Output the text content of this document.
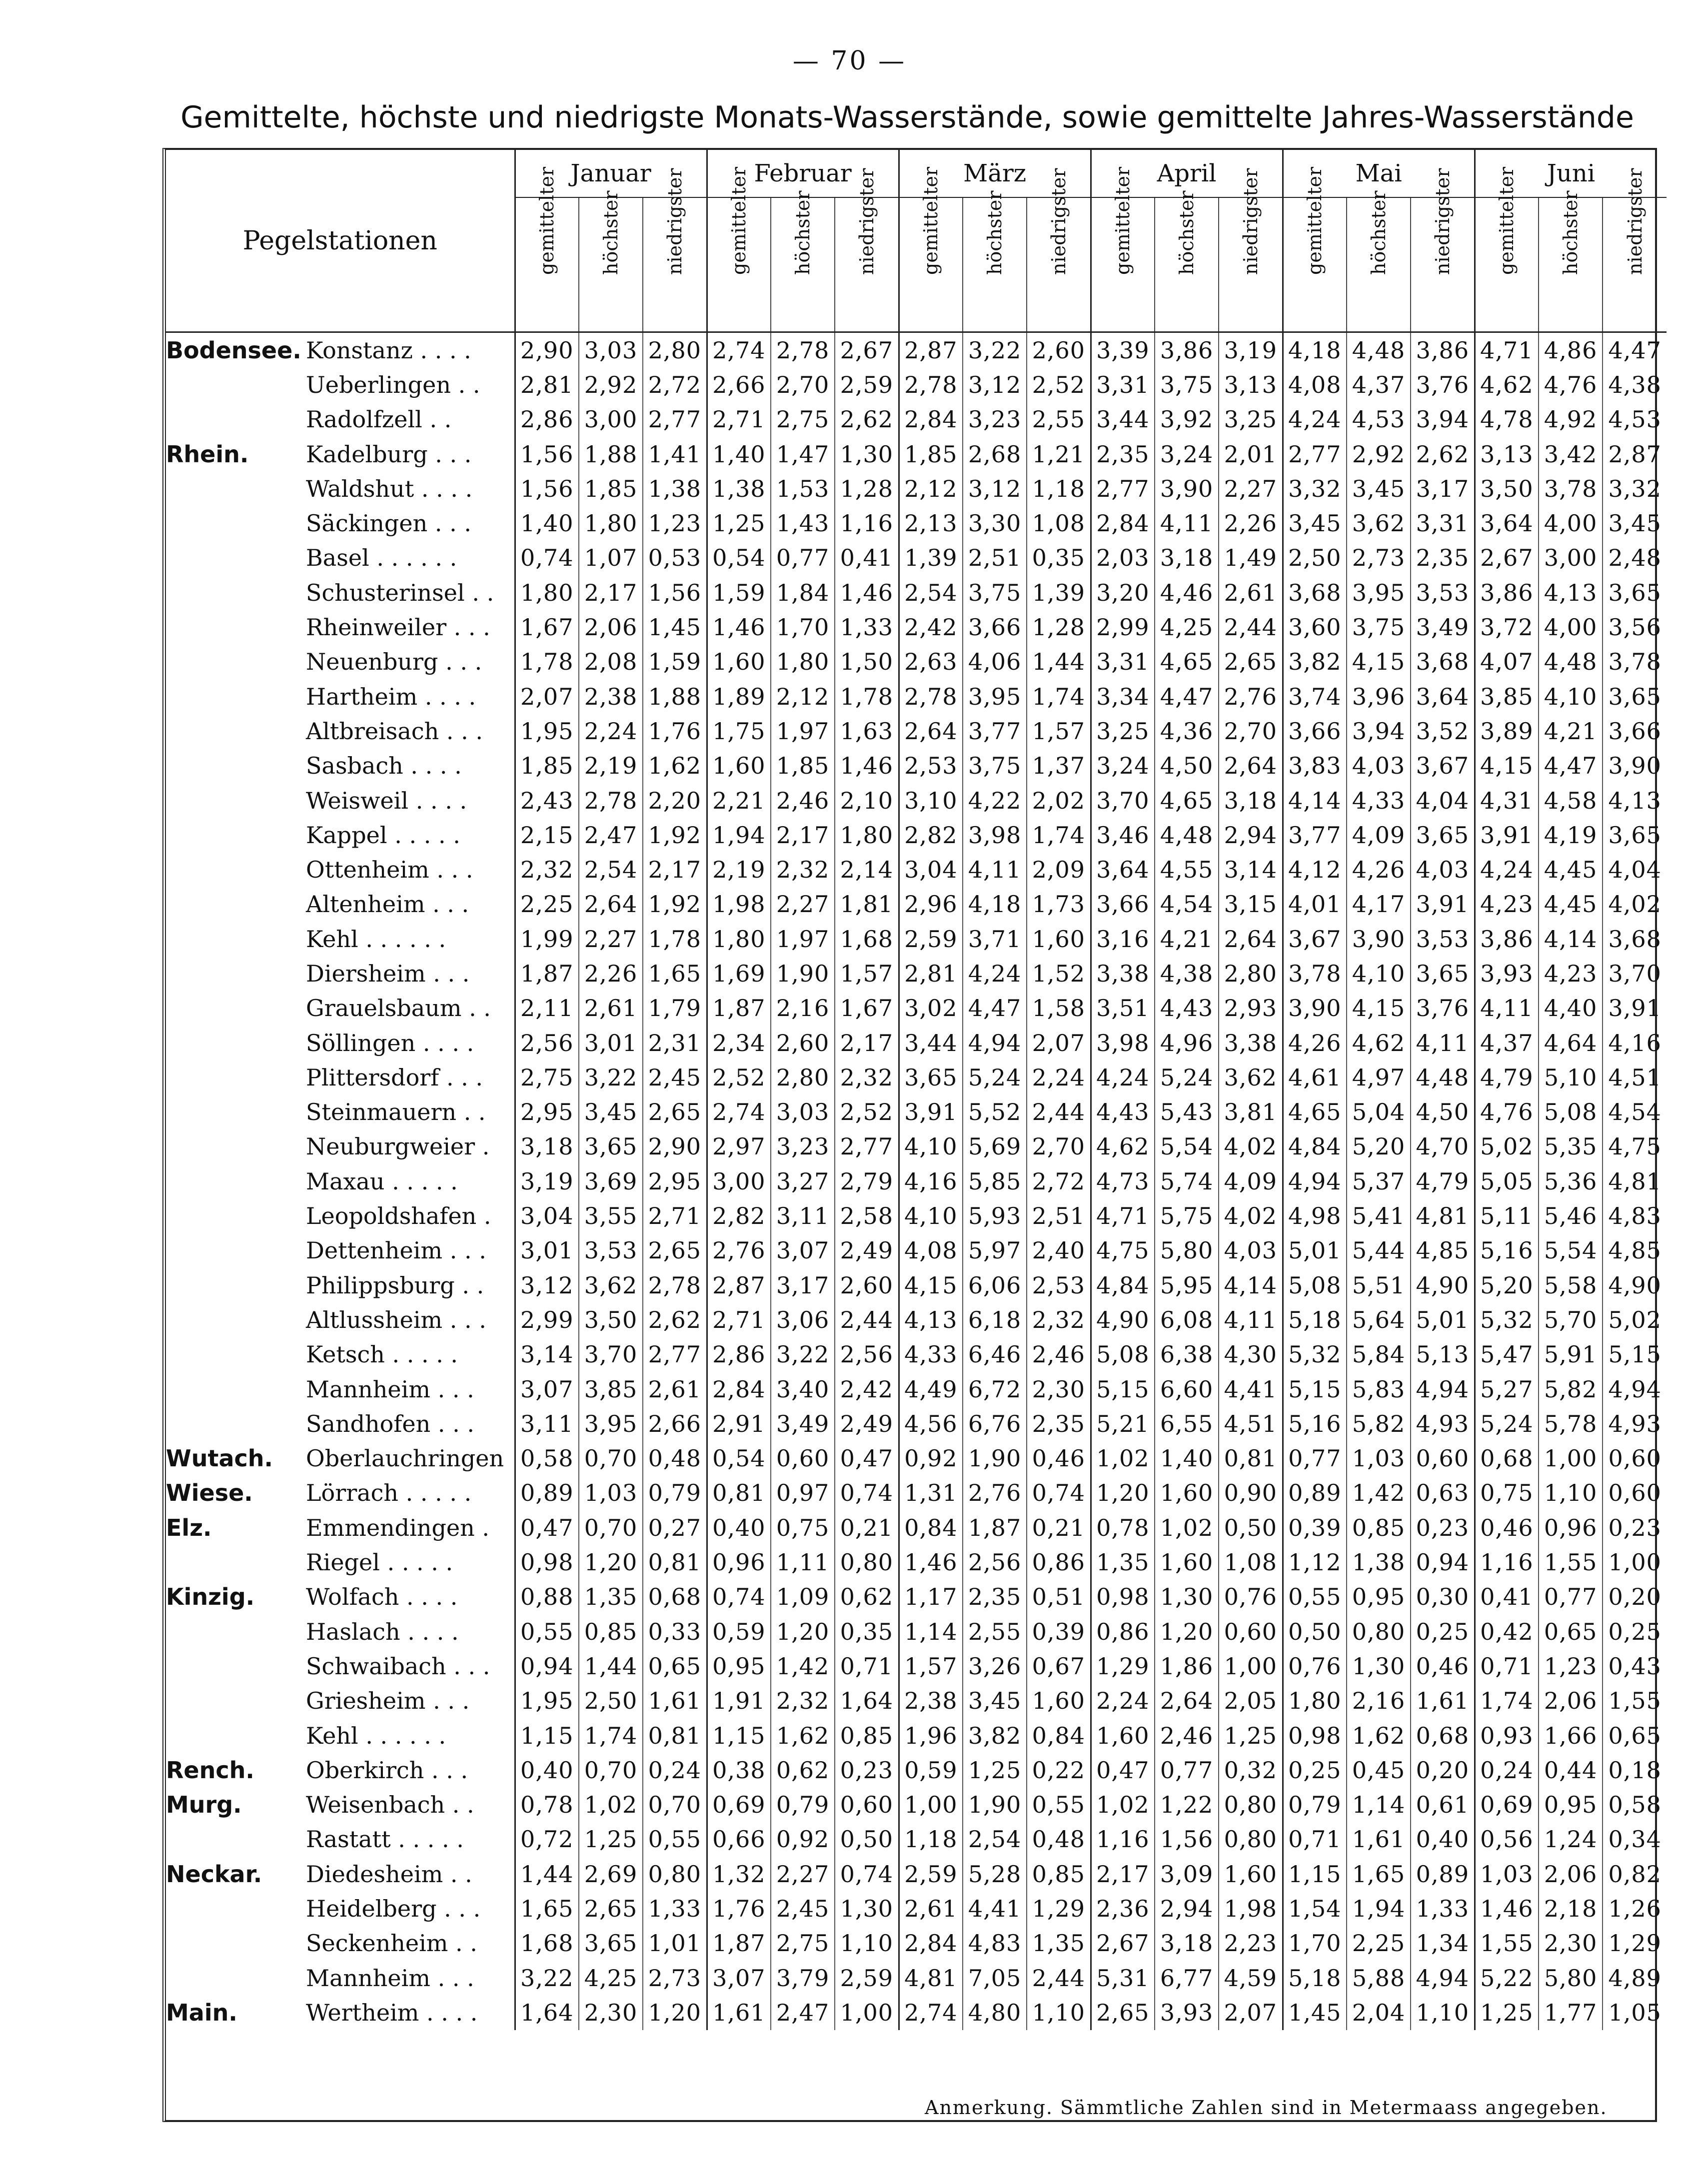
— 70 —
Gemittelte, höchste und niedrigste Monats-Wasserstände, sowie gemittelte Jahres-Wasserstände
Pegelstationen		Januar			Februar			März			April			Mai			Juni		

		gemittelter	höchster	niedrigster	gemittelter	höchster	niedrigster	gemittelter	höchster	niedrigster	gemittelter	höchster	niedrigster	gemittelter	höchster	niedrigster	gemittelter	höchster	niedrigster

Bodensee.	Konstanz . . . .	2,90	3,03	2,80	2,74	2,78	2,67	2,87	3,22	2,60	3,39	3,86	3,19	4,18	4,48	3,86	4,71	4,86	4,47
	Ueberlingen . .	2,81	2,92	2,72	2,66	2,70	2,59	2,78	3,12	2,52	3,31	3,75	3,13	4,08	4,37	3,76	4,62	4,76	4,38
	Radolfzell . .	2,86	3,00	2,77	2,71	2,75	2,62	2,84	3,23	2,55	3,44	3,92	3,25	4,24	4,53	3,94	4,78	4,92	4,53
Rhein.	Kadelburg . . .	1,56	1,88	1,41	1,40	1,47	1,30	1,85	2,68	1,21	2,35	3,24	2,01	2,77	2,92	2,62	3,13	3,42	2,87
	Waldshut . . . .	1,56	1,85	1,38	1,38	1,53	1,28	2,12	3,12	1,18	2,77	3,90	2,27	3,32	3,45	3,17	3,50	3,78	3,32
	Säckingen . . .	1,40	1,80	1,23	1,25	1,43	1,16	2,13	3,30	1,08	2,84	4,11	2,26	3,45	3,62	3,31	3,64	4,00	3,45
	Basel . . . . . .	0,74	1,07	0,53	0,54	0,77	0,41	1,39	2,51	0,35	2,03	3,18	1,49	2,50	2,73	2,35	2,67	3,00	2,48
	Schusterinsel . .	1,80	2,17	1,56	1,59	1,84	1,46	2,54	3,75	1,39	3,20	4,46	2,61	3,68	3,95	3,53	3,86	4,13	3,65
	Rheinweiler . . .	1,67	2,06	1,45	1,46	1,70	1,33	2,42	3,66	1,28	2,99	4,25	2,44	3,60	3,75	3,49	3,72	4,00	3,56
	Neuenburg . . .	1,78	2,08	1,59	1,60	1,80	1,50	2,63	4,06	1,44	3,31	4,65	2,65	3,82	4,15	3,68	4,07	4,48	3,78
	Hartheim . . . .	2,07	2,38	1,88	1,89	2,12	1,78	2,78	3,95	1,74	3,34	4,47	2,76	3,74	3,96	3,64	3,85	4,10	3,65
	Altbreisach . . .	1,95	2,24	1,76	1,75	1,97	1,63	2,64	3,77	1,57	3,25	4,36	2,70	3,66	3,94	3,52	3,89	4,21	3,66
	Sasbach . . . .	1,85	2,19	1,62	1,60	1,85	1,46	2,53	3,75	1,37	3,24	4,50	2,64	3,83	4,03	3,67	4,15	4,47	3,90
	Weisweil . . . .	2,43	2,78	2,20	2,21	2,46	2,10	3,10	4,22	2,02	3,70	4,65	3,18	4,14	4,33	4,04	4,31	4,58	4,13
	Kappel . . . . .	2,15	2,47	1,92	1,94	2,17	1,80	2,82	3,98	1,74	3,46	4,48	2,94	3,77	4,09	3,65	3,91	4,19	3,65
	Ottenheim . . .	2,32	2,54	2,17	2,19	2,32	2,14	3,04	4,11	2,09	3,64	4,55	3,14	4,12	4,26	4,03	4,24	4,45	4,04
	Altenheim . . .	2,25	2,64	1,92	1,98	2,27	1,81	2,96	4,18	1,73	3,66	4,54	3,15	4,01	4,17	3,91	4,23	4,45	4,02
	Kehl . . . . . .	1,99	2,27	1,78	1,80	1,97	1,68	2,59	3,71	1,60	3,16	4,21	2,64	3,67	3,90	3,53	3,86	4,14	3,68
	Diersheim . . .	1,87	2,26	1,65	1,69	1,90	1,57	2,81	4,24	1,52	3,38	4,38	2,80	3,78	4,10	3,65	3,93	4,23	3,70
	Grauelsbaum . .	2,11	2,61	1,79	1,87	2,16	1,67	3,02	4,47	1,58	3,51	4,43	2,93	3,90	4,15	3,76	4,11	4,40	3,91
	Söllingen . . . .	2,56	3,01	2,31	2,34	2,60	2,17	3,44	4,94	2,07	3,98	4,96	3,38	4,26	4,62	4,11	4,37	4,64	4,16
	Plittersdorf . . .	2,75	3,22	2,45	2,52	2,80	2,32	3,65	5,24	2,24	4,24	5,24	3,62	4,61	4,97	4,48	4,79	5,10	4,51
	Steinmauern . .	2,95	3,45	2,65	2,74	3,03	2,52	3,91	5,52	2,44	4,43	5,43	3,81	4,65	5,04	4,50	4,76	5,08	4,54
	Neuburgweier .	3,18	3,65	2,90	2,97	3,23	2,77	4,10	5,69	2,70	4,62	5,54	4,02	4,84	5,20	4,70	5,02	5,35	4,75
	Maxau . . . . .	3,19	3,69	2,95	3,00	3,27	2,79	4,16	5,85	2,72	4,73	5,74	4,09	4,94	5,37	4,79	5,05	5,36	4,81
	Leopoldshafen .	3,04	3,55	2,71	2,82	3,11	2,58	4,10	5,93	2,51	4,71	5,75	4,02	4,98	5,41	4,81	5,11	5,46	4,83
	Dettenheim . . .	3,01	3,53	2,65	2,76	3,07	2,49	4,08	5,97	2,40	4,75	5,80	4,03	5,01	5,44	4,85	5,16	5,54	4,85
	Philippsburg . .	3,12	3,62	2,78	2,87	3,17	2,60	4,15	6,06	2,53	4,84	5,95	4,14	5,08	5,51	4,90	5,20	5,58	4,90
	Altlussheim . . .	2,99	3,50	2,62	2,71	3,06	2,44	4,13	6,18	2,32	4,90	6,08	4,11	5,18	5,64	5,01	5,32	5,70	5,02
	Ketsch . . . . .	3,14	3,70	2,77	2,86	3,22	2,56	4,33	6,46	2,46	5,08	6,38	4,30	5,32	5,84	5,13	5,47	5,91	5,15
	Mannheim . . .	3,07	3,85	2,61	2,84	3,40	2,42	4,49	6,72	2,30	5,15	6,60	4,41	5,15	5,83	4,94	5,27	5,82	4,94
	Sandhofen . . .	3,11	3,95	2,66	2,91	3,49	2,49	4,56	6,76	2,35	5,21	6,55	4,51	5,16	5,82	4,93	5,24	5,78	4,93
Wutach.	Oberlauchringen	0,58	0,70	0,48	0,54	0,60	0,47	0,92	1,90	0,46	1,02	1,40	0,81	0,77	1,03	0,60	0,68	1,00	0,60
Wiese.	Lörrach . . . . .	0,89	1,03	0,79	0,81	0,97	0,74	1,31	2,76	0,74	1,20	1,60	0,90	0,89	1,42	0,63	0,75	1,10	0,60
Elz.	Emmendingen .	0,47	0,70	0,27	0,40	0,75	0,21	0,84	1,87	0,21	0,78	1,02	0,50	0,39	0,85	0,23	0,46	0,96	0,23
	Riegel . . . . .	0,98	1,20	0,81	0,96	1,11	0,80	1,46	2,56	0,86	1,35	1,60	1,08	1,12	1,38	0,94	1,16	1,55	1,00
Kinzig.	Wolfach . . . .	0,88	1,35	0,68	0,74	1,09	0,62	1,17	2,35	0,51	0,98	1,30	0,76	0,55	0,95	0,30	0,41	0,77	0,20
	Haslach . . . .	0,55	0,85	0,33	0,59	1,20	0,35	1,14	2,55	0,39	0,86	1,20	0,60	0,50	0,80	0,25	0,42	0,65	0,25
	Schwaibach . . .	0,94	1,44	0,65	0,95	1,42	0,71	1,57	3,26	0,67	1,29	1,86	1,00	0,76	1,30	0,46	0,71	1,23	0,43
	Griesheim . . .	1,95	2,50	1,61	1,91	2,32	1,64	2,38	3,45	1,60	2,24	2,64	2,05	1,80	2,16	1,61	1,74	2,06	1,55
	Kehl . . . . . .	1,15	1,74	0,81	1,15	1,62	0,85	1,96	3,82	0,84	1,60	2,46	1,25	0,98	1,62	0,68	0,93	1,66	0,65
Rench.	Oberkirch . . .	0,40	0,70	0,24	0,38	0,62	0,23	0,59	1,25	0,22	0,47	0,77	0,32	0,25	0,45	0,20	0,24	0,44	0,18
Murg.	Weisenbach . .	0,78	1,02	0,70	0,69	0,79	0,60	1,00	1,90	0,55	1,02	1,22	0,80	0,79	1,14	0,61	0,69	0,95	0,58
	Rastatt . . . . .	0,72	1,25	0,55	0,66	0,92	0,50	1,18	2,54	0,48	1,16	1,56	0,80	0,71	1,61	0,40	0,56	1,24	0,34
Neckar.	Diedesheim . .	1,44	2,69	0,80	1,32	2,27	0,74	2,59	5,28	0,85	2,17	3,09	1,60	1,15	1,65	0,89	1,03	2,06	0,82
	Heidelberg . . .	1,65	2,65	1,33	1,76	2,45	1,30	2,61	4,41	1,29	2,36	2,94	1,98	1,54	1,94	1,33	1,46	2,18	1,26
	Seckenheim . .	1,68	3,65	1,01	1,87	2,75	1,10	2,84	4,83	1,35	2,67	3,18	2,23	1,70	2,25	1,34	1,55	2,30	1,29
	Mannheim . . .	3,22	4,25	2,73	3,07	3,79	2,59	4,81	7,05	2,44	5,31	6,77	4,59	5,18	5,88	4,94	5,22	5,80	4,89
Main.	Wertheim . . . .	1,64	2,30	1,20	1,61	2,47	1,00	2,74	4,80	1,10	2,65	3,93	2,07	1,45	2,04	1,10	1,25	1,77	1,05
Anmerkung. Sämmtliche Zahlen sind in Metermaass angegeben.
